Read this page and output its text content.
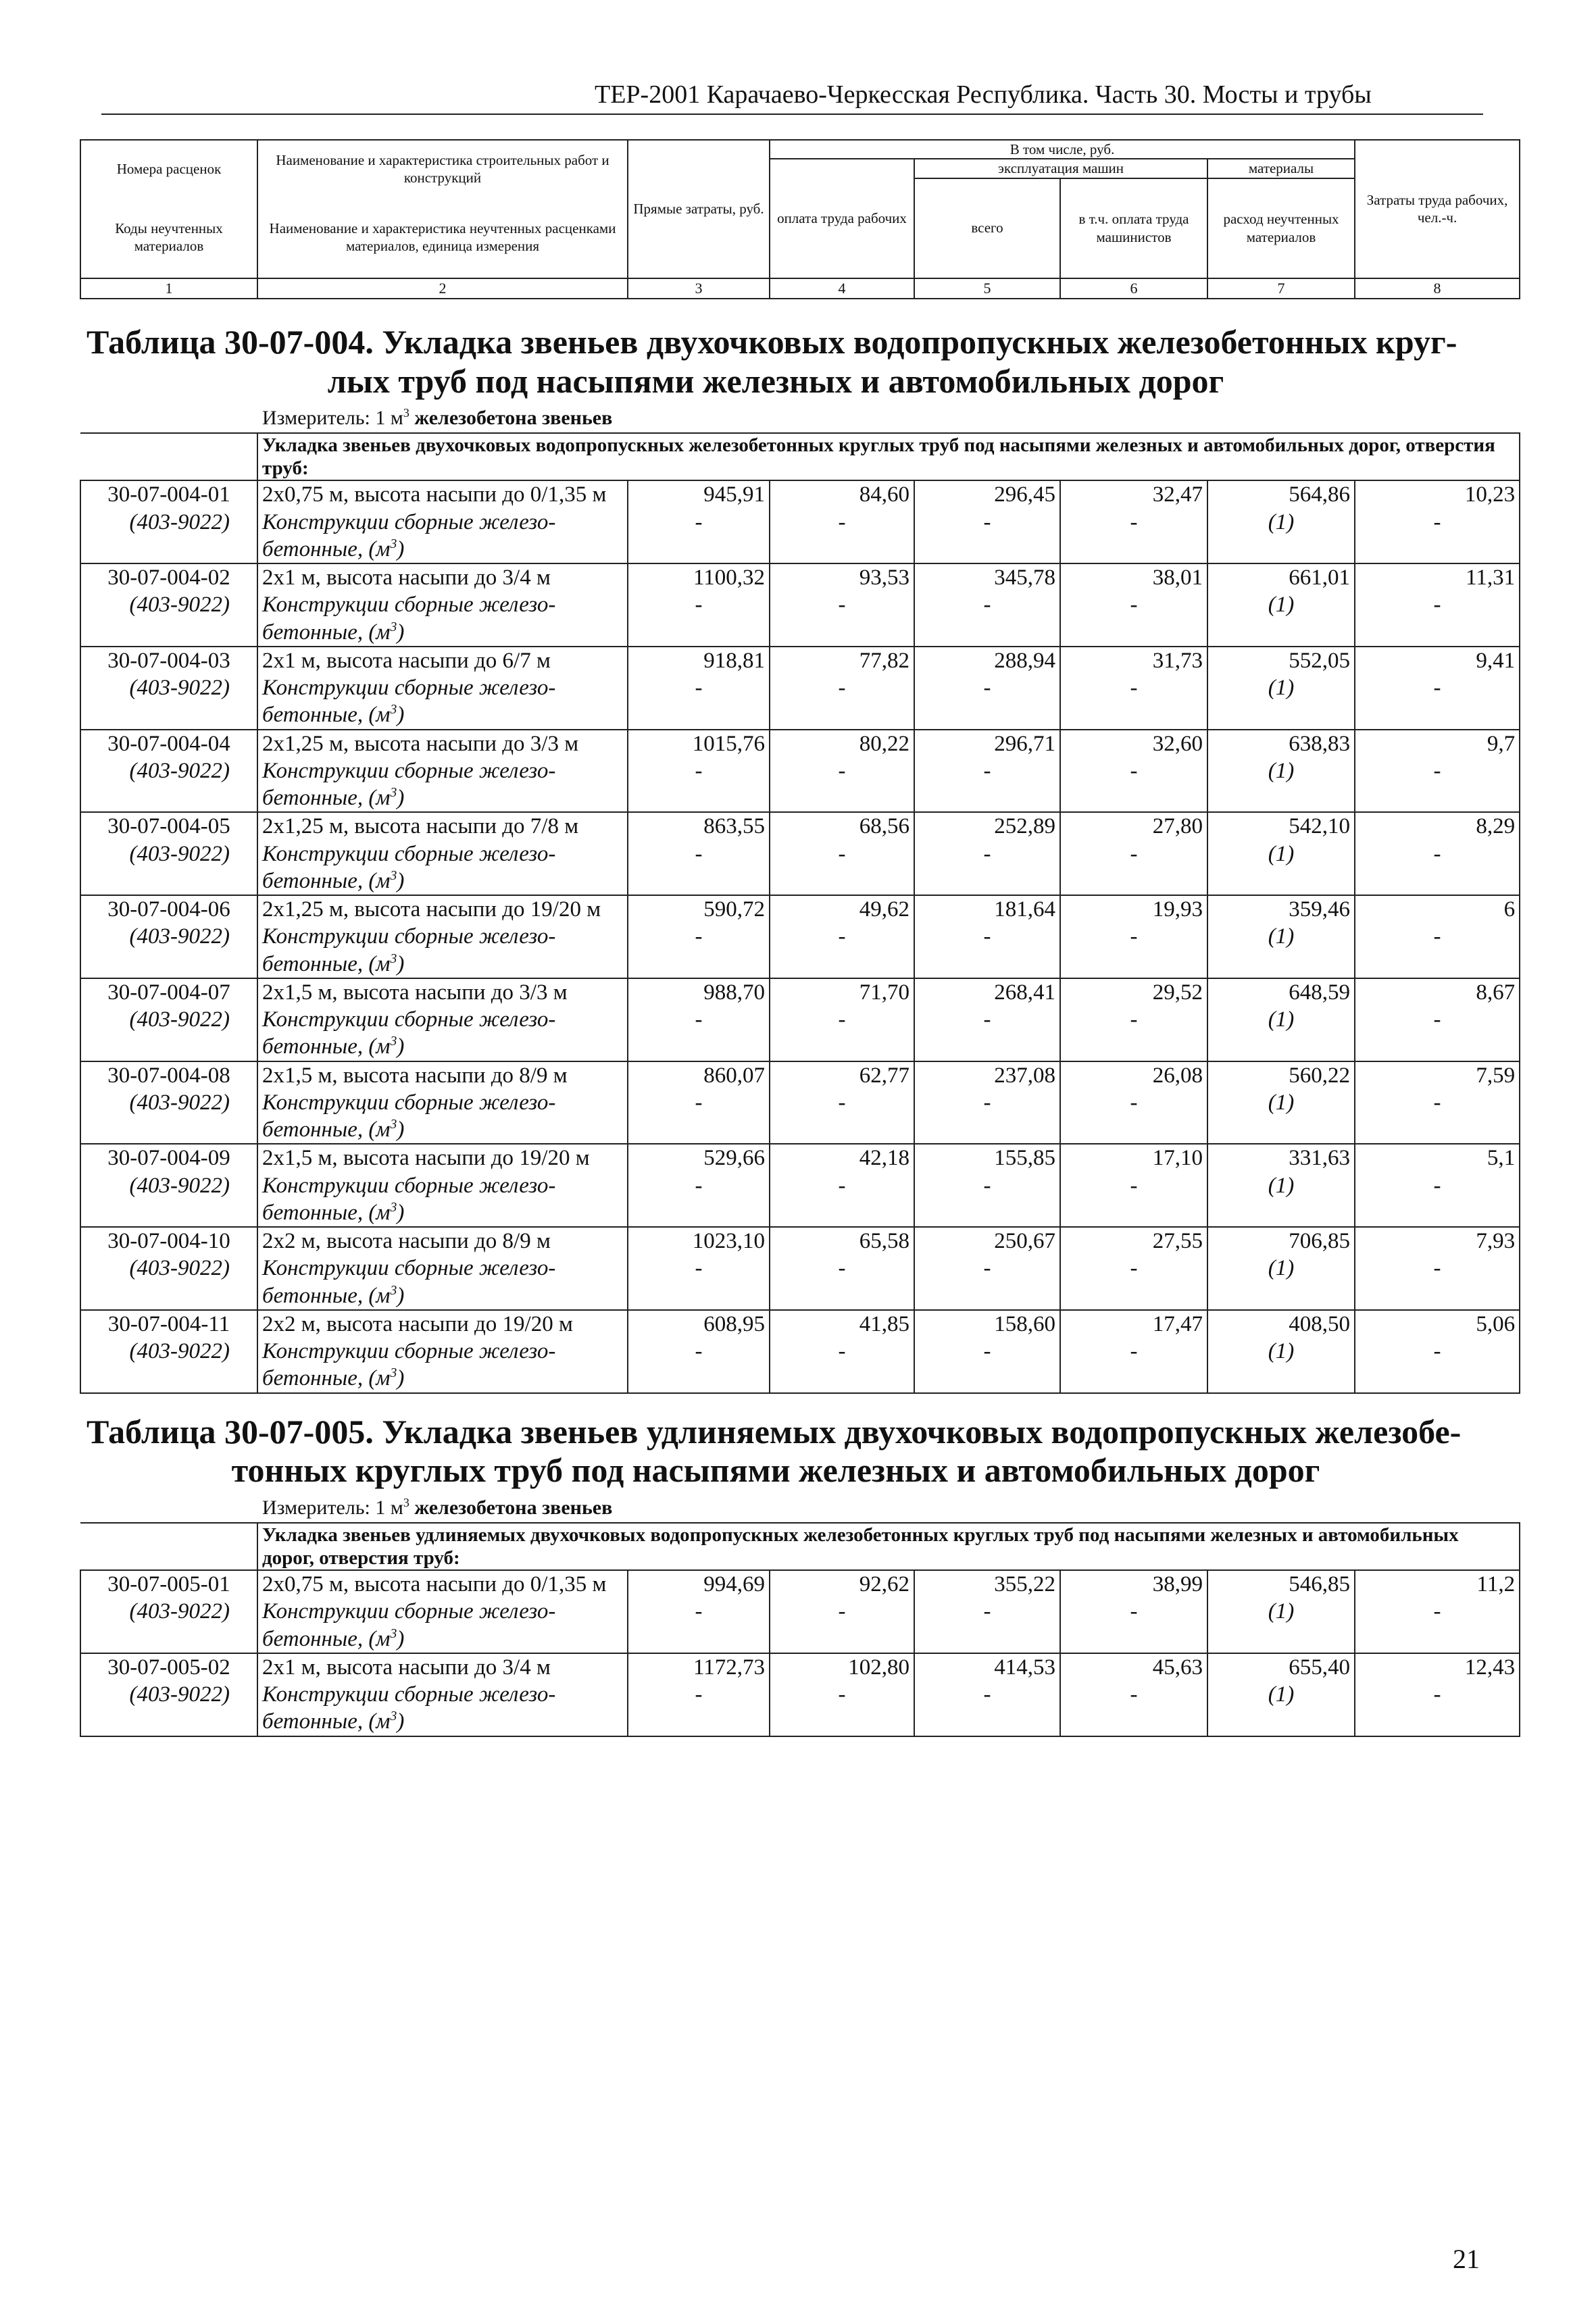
ТЕР-2001 Карачаево-Черкесская Республика. Часть 30. Мосты и трубы
Номера расценок	Наименование и характеристика строительных работ и конструкций	Прямые затраты, руб.	В том числе, руб.				Затраты труда рабочих, чел.-ч.
			оплата труда рабочих	эксплуатация машин		материалы	
				всего	в т.ч. оплата труда машинистов	расход неучтенных материалов	
Коды неучтенных материалов	Наименование и характеристика неучтенных расценками материалов, единица измерения						

1	2	3	4	5	6	7	8
Таблица 30-07-004. Укладка звеньев двухочковых водопропускных железобетонных круг-
лых труб под насыпями железных и автомобильных дорог
Измеритель: 1 $м^3$ железобетона звеньев
	Укладка звеньев двухочковых водопропускных железобетонных круглых труб под насыпями железных и автомобильных дорог, отверстия труб:						
30-07-004-01	2х0,75 м, высота насыпи до 0/1,35 м	945,91	84,60	296,45	32,47	564,86	10,23
(403-9022)	Конструкции сборные железо-
бетонные, $(м^3)$	-	-	-	-	(1)	-
30-07-004-02	2х1 м, высота насыпи до 3/4 м	1100,32	93,53	345,78	38,01	661,01	11,31
(403-9022)	Конструкции сборные железо-
бетонные, $(м^3)$	-	-	-	-	(1)	-
30-07-004-03	2х1 м, высота насыпи до 6/7 м	918,81	77,82	288,94	31,73	552,05	9,41
(403-9022)	Конструкции сборные железо-
бетонные, $(м^3)$	-	-	-	-	(1)	-
30-07-004-04	2х1,25 м, высота насыпи до 3/3 м	1015,76	80,22	296,71	32,60	638,83	9,7
(403-9022)	Конструкции сборные железо-
бетонные, $(м^3)$	-	-	-	-	(1)	-
30-07-004-05	2х1,25 м, высота насыпи до 7/8 м	863,55	68,56	252,89	27,80	542,10	8,29
(403-9022)	Конструкции сборные железо-
бетонные, $(м^3)$	-	-	-	-	(1)	-
30-07-004-06	2х1,25 м, высота насыпи до 19/20 м	590,72	49,62	181,64	19,93	359,46	6
(403-9022)	Конструкции сборные железо-
бетонные, $(м^3)$	-	-	-	-	(1)	-
30-07-004-07	2х1,5 м, высота насыпи до 3/3 м	988,70	71,70	268,41	29,52	648,59	8,67
(403-9022)	Конструкции сборные железо-
бетонные, $(м^3)$	-	-	-	-	(1)	-
30-07-004-08	2х1,5 м, высота насыпи до 8/9 м	860,07	62,77	237,08	26,08	560,22	7,59
(403-9022)	Конструкции сборные железо-
бетонные, $(м^3)$	-	-	-	-	(1)	-
30-07-004-09	2х1,5 м, высота насыпи до 19/20 м	529,66	42,18	155,85	17,10	331,63	5,1
(403-9022)	Конструкции сборные железо-
бетонные, $(м^3)$	-	-	-	-	(1)	-
30-07-004-10	2х2 м, высота насыпи до 8/9 м	1023,10	65,58	250,67	27,55	706,85	7,93
(403-9022)	Конструкции сборные железо-
бетонные, $(м^3)$	-	-	-	-	(1)	-
30-07-004-11	2х2 м, высота насыпи до 19/20 м	608,95	41,85	158,60	17,47	408,50	5,06
(403-9022)	Конструкции сборные железо-
бетонные, $(м^3)$	-	-	-	-	(1)	-
Таблица 30-07-005. Укладка звеньев удлиняемых двухочковых водопропускных железобе-
тонных круглых труб под насыпями железных и автомобильных дорог
Измеритель: 1 $м^3$ железобетона звеньев
	Укладка звеньев удлиняемых двухочковых водопропускных железобетонных круглых труб под насыпями железных и автомобильных дорог, отверстия труб:						
30-07-005-01	2х0,75 м, высота насыпи до 0/1,35 м	994,69	92,62	355,22	38,99	546,85	11,2
(403-9022)	Конструкции сборные железо-
бетонные, $(м^3)$	-	-	-	-	(1)	-
30-07-005-02	2х1 м, высота насыпи до 3/4 м	1172,73	102,80	414,53	45,63	655,40	12,43
(403-9022)	Конструкции сборные железо-
бетонные, $(м^3)$	-	-	-	-	(1)	-
21
